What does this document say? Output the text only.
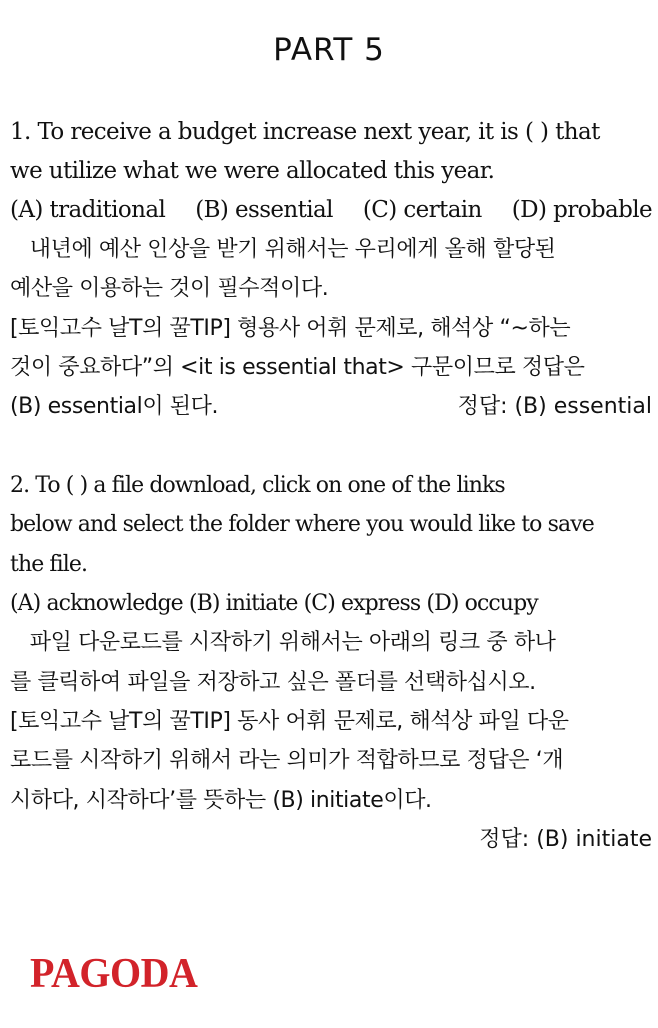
PART 5
1. To receive a budget increase next year, it is ( ) that
we utilize what we were allocated this year.
(A) traditional (B) essential (C) certain (D) probable
내년에 예산 인상을 받기 위해서는 우리에게 올해 할당된
예산을 이용하는 것이 필수적이다.
[토익고수 날T의 꿀TIP] 형용사 어휘 문제로, 해석상 “~하는
것이 중요하다”의 <it is essential that> 구문이므로 정답은
(B) essential이 된다.	정답: (B) essential
2. To ( ) a file download, click on one of the links
below and select the folder where you would like to save
the file.
(A) acknowledge (B) initiate (C) express (D) occupy
파일 다운로드를 시작하기 위해서는 아래의 링크 중 하나
를 클릭하여 파일을 저장하고 싶은 폴더를 선택하십시오.
[토익고수 날T의 꿀TIP] 동사 어휘 문제로, 해석상 파일 다운
로드를 시작하기 위해서 라는 의미가 적합하므로 정답은 ‘개
시하다, 시작하다’를 뜻하는 (B) initiate이다.
정답: (B) initiate
PAGODA
